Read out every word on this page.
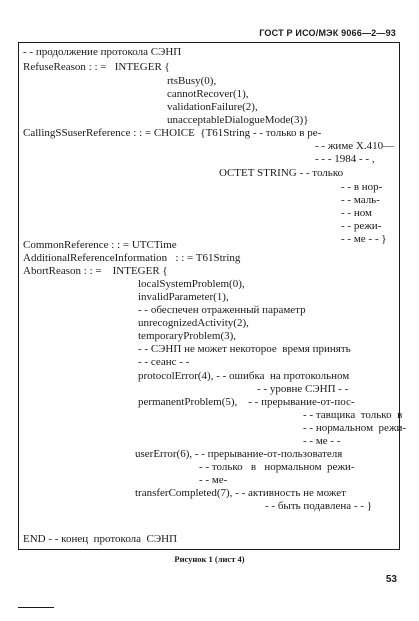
ГОСТ Р ИСО/МЭК 9066—2—93
- - продолжение протокола СЭНП
RefuseReason : : =   INTEGER {
rtsBusy(0),
cannotRecover(1),
validationFailure(2),
unacceptableDialogueMode(3)}
CallingSSuserReference : : = CHOICE  {T61String - - только в ре-
- - жиме X.410—
- - - 1984 - - ,
OCTET STRING - - только
- - в нор-
- - маль-
- - ном
- - режи-
- - ме - - }
CommonReference : : = UTCTime
AdditionalReferenceInformation   : : = T61String
AbortReason : : =    INTEGER {
localSystemProblem(0),
invalidParameter(1),
- - обеспечен отраженный параметр
unrecognizedActivity(2),
temporaryProblem(3),
- - СЭНП не может некоторое  время принять
- - сеанс - -
protocolError(4), - - ошибка  на протокольном
- - уровне СЭНП - -
permanentProblem(5),    - - прерывание-от-пос-
- - тавщика  только  в
- - нормальном  режи-
- - ме - -
userError(6), - - прерывание-от-пользователя
- - только   в   нормальном  режи-
- - ме-
transferCompleted(7), - - активность не может
- - быть подавлена - - }
END - - конец  протокола  СЭНП
Рисунок 1 (лист 4)
53
